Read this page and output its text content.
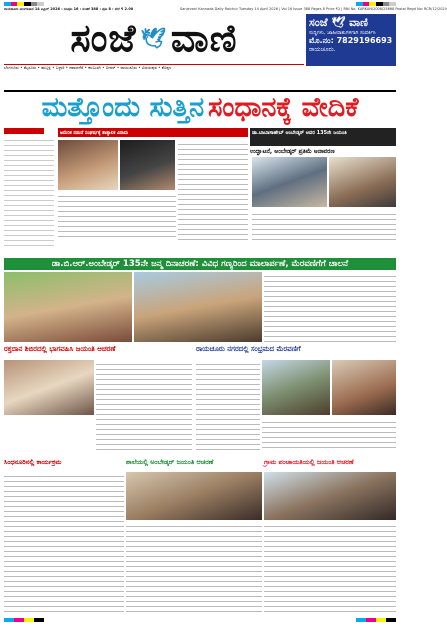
Sanjevani Kannada Daily Raichur Tuesday 14 April 2026 | Vol 16 Issue 388 Pages 8 Price ₹2 | RNI No. KARKAN/2008/25668 Postal Regd No: RCR/12/2024
ರಾಯಚೂರು ಮಂಗಳವಾರ 14 ಏಪ್ರಿಲ್ 2026 : ಸಂಪುಟ 16 : ಸಂಚಿಕೆ 388 : ಪುಟ 8 : ಬೆಲೆ ₹ 2.00
ಸಂಜೆ 🕊 ವಾಣಿ	ಸಂಜೆ 🕊 ವಾಣಿ
ಸುದ್ದಿಗಳು, ಜಾಹೀರಾತುಗಳಿಗಾಗಿ ಸಂಪರ್ಕಿಸಿ
ಮೊ.ನಂ: 7829196693
ರಾಯಚೂರು.
ಬೆಂಗಳೂರು • ಮೈಸೂರು • ಹುಬ್ಬಳ್ಳಿ • ಬಳ್ಳಾರಿ • ದಾವಣಗೆರೆ • ಕಲಬುರಗಿ • ಬೀದರ್ • ರಾಯಚೂರು • ವಿಜಯಪುರ • ಕೊಪ್ಪಳ
ಮತ್ತೊಂದು ಸುತ್ತಿನ ಸಂಧಾನಕ್ಕೆ ವೇದಿಕೆ
ಅಮೆರಿಕ ನಡುವೆ ಸಂಘರ್ಷಕ್ಕೆ ತಾತ್ಕಾಲಿಕ ವಿರಾಮ	ಡಾ.ಬಾಬಾಸಾಹೇಬ್ ಅಂಬೇಡ್ಕರ್ ಅವರ 135ನೇ ಜಯಂತಿ
ಉದ್ಘಾಟನೆ, ಅಂಬೇಡ್ಕರ್ ಪ್ರತಿಮೆ ಅನಾವರಣ
ಡಾ.ಬಿ.ಆರ್.ಅಂಬೇಡ್ಕರ್ 135ನೇ ಜನ್ಮ ದಿನಾಚರಣೆ: ವಿವಿಧ ಗಣ್ಯರಿಂದ ಮಾಲಾರ್ಪಣೆ, ಮೆರವಣಿಗೆಗೆ ಚಾಲನೆ
ರಕ್ತದಾನ ಶಿಬಿರದಲ್ಲಿ ಭಾಗವಹಿಸಿ ಜಯಂತಿ ಆಚರಣೆ	ರಾಯಚೂರು ನಗರದಲ್ಲಿ ಸಂಭ್ರಮದ ಮೆರವಣಿಗೆ
ಸಿಂಧನೂರಿನಲ್ಲಿ ಕಾರ್ಯಕ್ರಮ	ಶಾಲೆಯಲ್ಲಿ ಅಂಬೇಡ್ಕರ್ ಜಯಂತಿ ಆಚರಣೆ	ಗ್ರಾಮ ಪಂಚಾಯತಿಯಲ್ಲಿ ಜಯಂತಿ ಆಚರಣೆ
